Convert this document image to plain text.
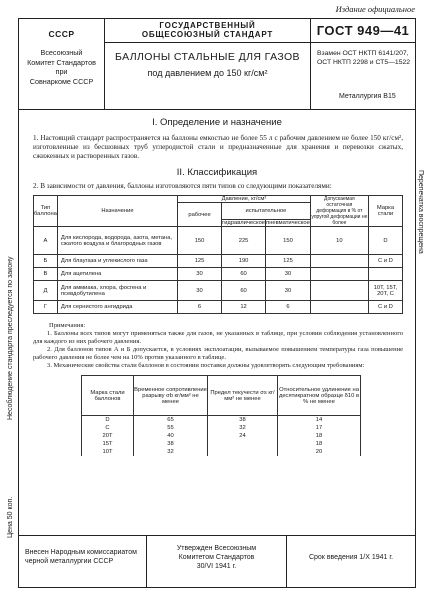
Издание официальное
Несоблюдение стандарта преследуется по закону
Цена 50 коп.
Перепечатка воспрещена
СССР
Всесоюзный
Комитет Стандартов
при
Совнаркоме СССР
ГОСУДАРСТВЕННЫЙ
ОБЩЕСОЮЗНЫЙ СТАНДАРТ
БАЛЛОНЫ СТАЛЬНЫЕ ДЛЯ ГАЗОВ
под давлением до 150 кг/см²
ГОСТ 949—41
Взамен ОСТ НКТП 6141/207,
ОСТ НКТП 2298 и СТ5—1522
Металлургия В15
I. Определение и назначение
1. Настоящий стандарт распространяется на баллоны емкостью не более 55 л с рабочим давлением не более 150 кг/см², изготовленные из бесшовных труб углеродистой стали и предназначенные для хранения и перевозки сжатых, сжиженных и растворенных газов.
II. Классификация
2. В зависимости от давления, баллоны изготовляются пяти типов со следующими показателями:
Тип баллона	Назначение	Давление, кг/см²			Допускаемая остаточная деформация в % от упругой деформации не более	Марка стали
		рабочее	испытательное			
			гидравлическое	пневматическое		
А	Для кислорода, водорода, азота, метана, сжатого воздуха и благородных газов	150	225	150	10	D
Б	Для блаугаза и углекислого газа	125	190	125		C и D
В	Для ацетилена	30	60	30		
Д	Для аммиака, хлора, фосгена и псевдобутилена	30	60	30		10Т, 15Т, 20Т, С
Г	Для сернистого ангидрида	6	12	6		С и D
Примечания:
1. Баллоны всех типов могут применяться также для газов, не указанных в таблице, при условии соблюдения установленного для каждого из них рабочего давления.
2. Для баллонов типов А и Б допускается, в условиях эксплоатации, вызываемое повышением температуры газа повышение рабочего давления не более чем на 10% против указанного в таблице.
3. Механические свойства стали баллонов в состоянии поставки должны удовлетворять следующим требованиям:
Марка стали баллонов	Временное сопротивление разрыву σb кг/мм² не менее	Предел текучести σs кг/мм² не менее	Относительное удлинение на десятикратном образце δ10 в % не менее
D	65	38	14
C	55	32	17
20Т	40	24	18
15Т	38		18
10Т	32		20
Внесен Народным комиссариатом
черной металлургии СССР
Утвержден Всесоюзным
Комитетом Стандартов
30/VI 1941 г.
Срок введения 1/X 1941 г.
